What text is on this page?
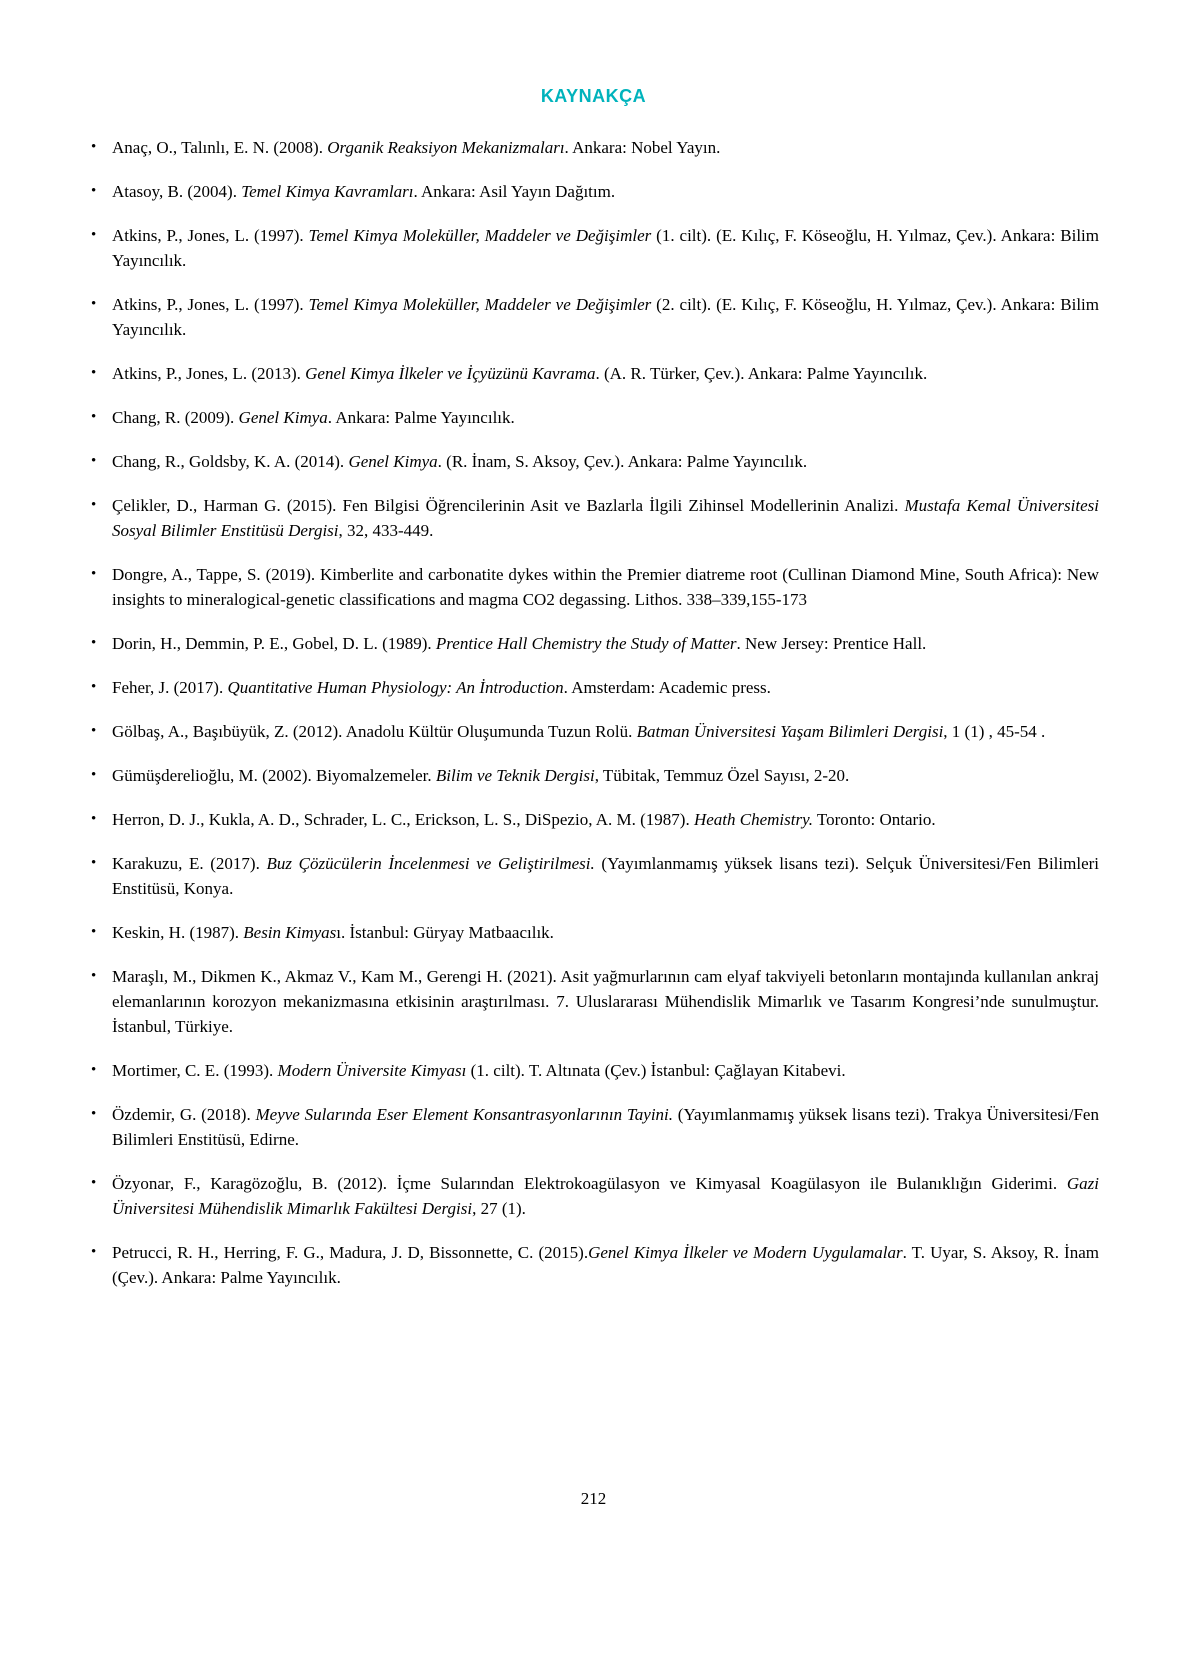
KAYNAKÇA
• Anaç, O., Talınlı, E. N. (2008). Organik Reaksiyon Mekanizmaları. Ankara: Nobel Yayın.
• Atasoy, B. (2004). Temel Kimya Kavramları. Ankara: Asil Yayın Dağıtım.
• Atkins, P., Jones, L. (1997). Temel Kimya Moleküller, Maddeler ve Değişimler (1. cilt). (E. Kılıç, F. Köseoğlu, H. Yılmaz, Çev.). Ankara: Bilim Yayıncılık.
• Atkins, P., Jones, L. (1997). Temel Kimya Moleküller, Maddeler ve Değişimler (2. cilt). (E. Kılıç, F. Köseoğlu, H. Yılmaz, Çev.). Ankara: Bilim Yayıncılık.
• Atkins, P., Jones, L. (2013). Genel Kimya İlkeler ve İçyüzünü Kavrama. (A. R. Türker, Çev.). Ankara: Palme Yayıncılık.
• Chang, R. (2009). Genel Kimya. Ankara: Palme Yayıncılık.
• Chang, R., Goldsby, K. A. (2014). Genel Kimya. (R. İnam, S. Aksoy, Çev.). Ankara: Palme Yayıncılık.
• Çelikler, D., Harman G. (2015). Fen Bilgisi Öğrencilerinin Asit ve Bazlarla İlgili Zihinsel Modellerinin Analizi. Mustafa Kemal Üniversitesi Sosyal Bilimler Enstitüsü Dergisi, 32, 433-449.
• Dongre, A., Tappe, S. (2019). Kimberlite and carbonatite dykes within the Premier diatreme root (Cullinan Diamond Mine, South Africa): New insights to mineralogical-genetic classifications and magma CO2 degassing. Lithos. 338–339,155-173
• Dorin, H., Demmin, P. E., Gobel, D. L. (1989). Prentice Hall Chemistry the Study of Matter. New Jersey: Prentice Hall.
• Feher, J. (2017). Quantitative Human Physiology: An İntroduction. Amsterdam: Academic press.
• Gölbaş, A., Başıbüyük, Z. (2012). Anadolu Kültür Oluşumunda Tuzun Rolü. Batman Üniversitesi Yaşam Bilimleri Dergisi, 1 (1) , 45-54 .
• Gümüşderelioğlu, M. (2002). Biyomalzemeler. Bilim ve Teknik Dergisi, Tübitak, Temmuz Özel Sayısı, 2-20.
• Herron, D. J., Kukla, A. D., Schrader, L. C., Erickson, L. S., DiSpezio, A. M. (1987). Heath Chemistry. Toronto: Ontario.
• Karakuzu, E. (2017). Buz Çözücülerin İncelenmesi ve Geliştirilmesi. (Yayımlanmamış yüksek lisans tezi). Selçuk Üniversitesi/Fen Bilimleri Enstitüsü, Konya.
• Keskin, H. (1987). Besin Kimyası. İstanbul: Güryay Matbaacılık.
• Maraşlı, M., Dikmen K., Akmaz V., Kam M., Gerengi H. (2021). Asit yağmurlarının cam elyaf takviyeli betonların montajında kullanılan ankraj elemanlarının korozyon mekanizmasına etkisinin araştırılması. 7. Uluslararası Mühendislik Mimarlık ve Tasarım Kongresi’nde sunulmuştur. İstanbul, Türkiye.
• Mortimer, C. E. (1993). Modern Üniversite Kimyası (1. cilt). T. Altınata (Çev.) İstanbul: Çağlayan Kitabevi.
• Özdemir, G. (2018). Meyve Sularında Eser Element Konsantrasyonlarının Tayini. (Yayımlanmamış yüksek lisans tezi). Trakya Üniversitesi/Fen Bilimleri Enstitüsü, Edirne.
• Özyonar, F., Karagözoğlu, B. (2012). İçme Sularından Elektrokoagülasyon ve Kimyasal Koagülasyon ile Bulanıklığın Giderimi. Gazi Üniversitesi Mühendislik Mimarlık Fakültesi Dergisi, 27 (1).
• Petrucci, R. H., Herring, F. G., Madura, J. D, Bissonnette, C. (2015).Genel Kimya İlkeler ve Modern Uygulamalar. T. Uyar, S. Aksoy, R. İnam (Çev.). Ankara: Palme Yayıncılık.
212
